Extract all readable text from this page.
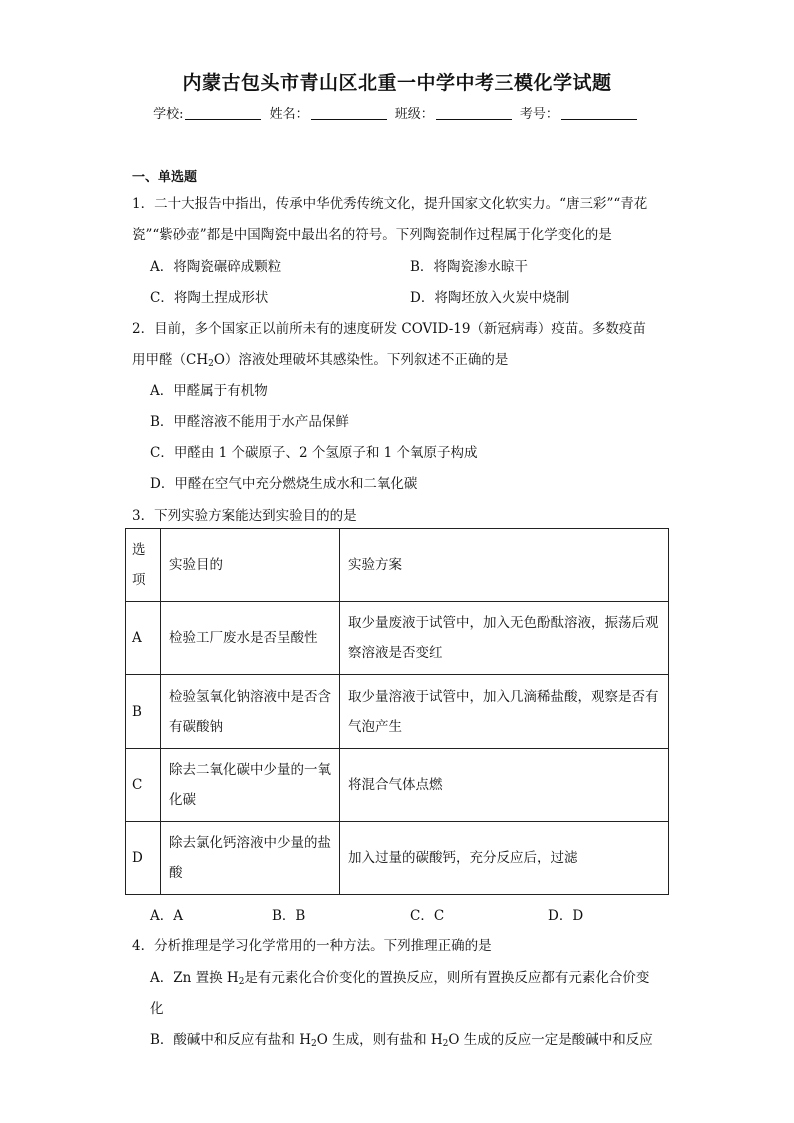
内蒙古包头市青山区北重一中学中考三模化学试题
学校:	姓名：	班级：	考号：
一、单选题
1．二十大报告中指出，传承中华优秀传统文化，提升国家文化软实力。“唐三彩”“青花
瓷”“紫砂壶”都是中国陶瓷中最出名的符号。下列陶瓷制作过程属于化学变化的是
A．将陶瓷碾碎成颗粒	B．将陶瓷渗水晾干
C．将陶土捏成形状	D．将陶坯放入火炭中烧制
2．目前，多个国家正以前所未有的速度研发 COVID-19（新冠病毒）疫苗。多数疫苗
用甲醛$(CH_2O)$溶液处理破坏其感染性。下列叙述不正确的是
A．甲醛属于有机物
B．甲醛溶液不能用于水产品保鲜
C．甲醛由 1 个碳原子、2 个氢原子和 1 个氧原子构成
D．甲醛在空气中充分燃烧生成水和二氧化碳
3．下列实验方案能达到实验目的的是
选项	实验目的	实验方案
A	检验工厂废水是否呈酸性	取少量废液于试管中，加入无色酚酞溶液，振荡后观察溶液是否变红
B	检验氢氧化钠溶液中是否含有碳酸钠	取少量溶液于试管中，加入几滴稀盐酸，观察是否有气泡产生
C	除去二氧化碳中少量的一氧化碳	将混合气体点燃
D	除去氯化钙溶液中少量的盐酸	加入过量的碳酸钙，充分反应后，过滤
A．A	B．B	C．C	D．D
4．分析推理是学习化学常用的一种方法。下列推理正确的是
A．Zn 置换 $H_2$是有元素化合价变化的置换反应，则所有置换反应都有元素化合价变
化
B．酸碱中和反应有盐和 $H_2O$ 生成，则有盐和 $H_2O$ 生成的反应一定是酸碱中和反应
